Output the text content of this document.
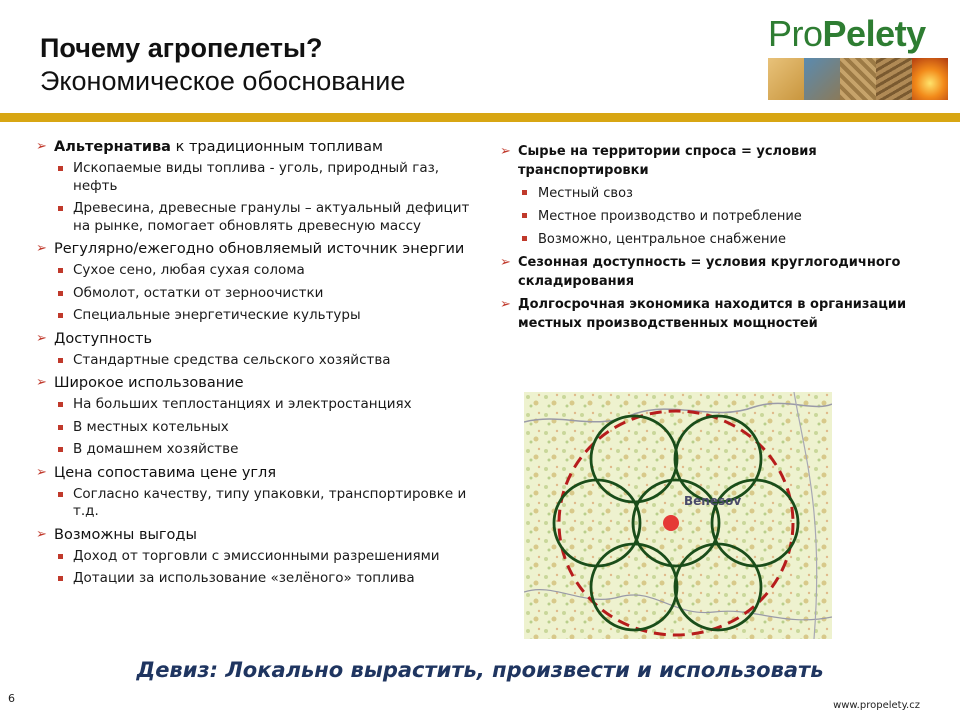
Почему агропелеты?
Экономическое обоснование
ProPelety
➢ Альтернатива к традиционным топливам
Ископаемые виды топлива - уголь, природный газ, нефть
Древесина, древесные гранулы – актуальный дефицит на рынке, помогает обновлять древесную массу
➢ Регулярно/ежегодно обновляемый источник энергии
Сухое сено, любая сухая солома
Обмолот, остатки от зерноочистки
Специальные энергетические культуры
➢ Доступность
Стандартные средства сельского хозяйства
➢ Широкое использование
На больших теплостанциях и электростанциях
В местных котельных
В домашнем хозяйстве
➢ Цена сопоставима цене угля
Согласно качеству, типу упаковки, транспортировке и т.д.
➢ Возможны выгоды
Доход от торговли с эмиссионными разрешениями
Дотации за использование «зелёного» топлива
➢ Сырье на территории спроса = условия транспортировки
Местный своз
Местное производство и потребление
Возможно, центральное снабжение
➢ Сезонная доступность = условия круглогодичного складирования
➢ Долгосрочная экономика находится в организации местных производственных мощностей
Benesov
Девиз: Локально вырастить, произвести и использовать
6
www.propelety.cz
